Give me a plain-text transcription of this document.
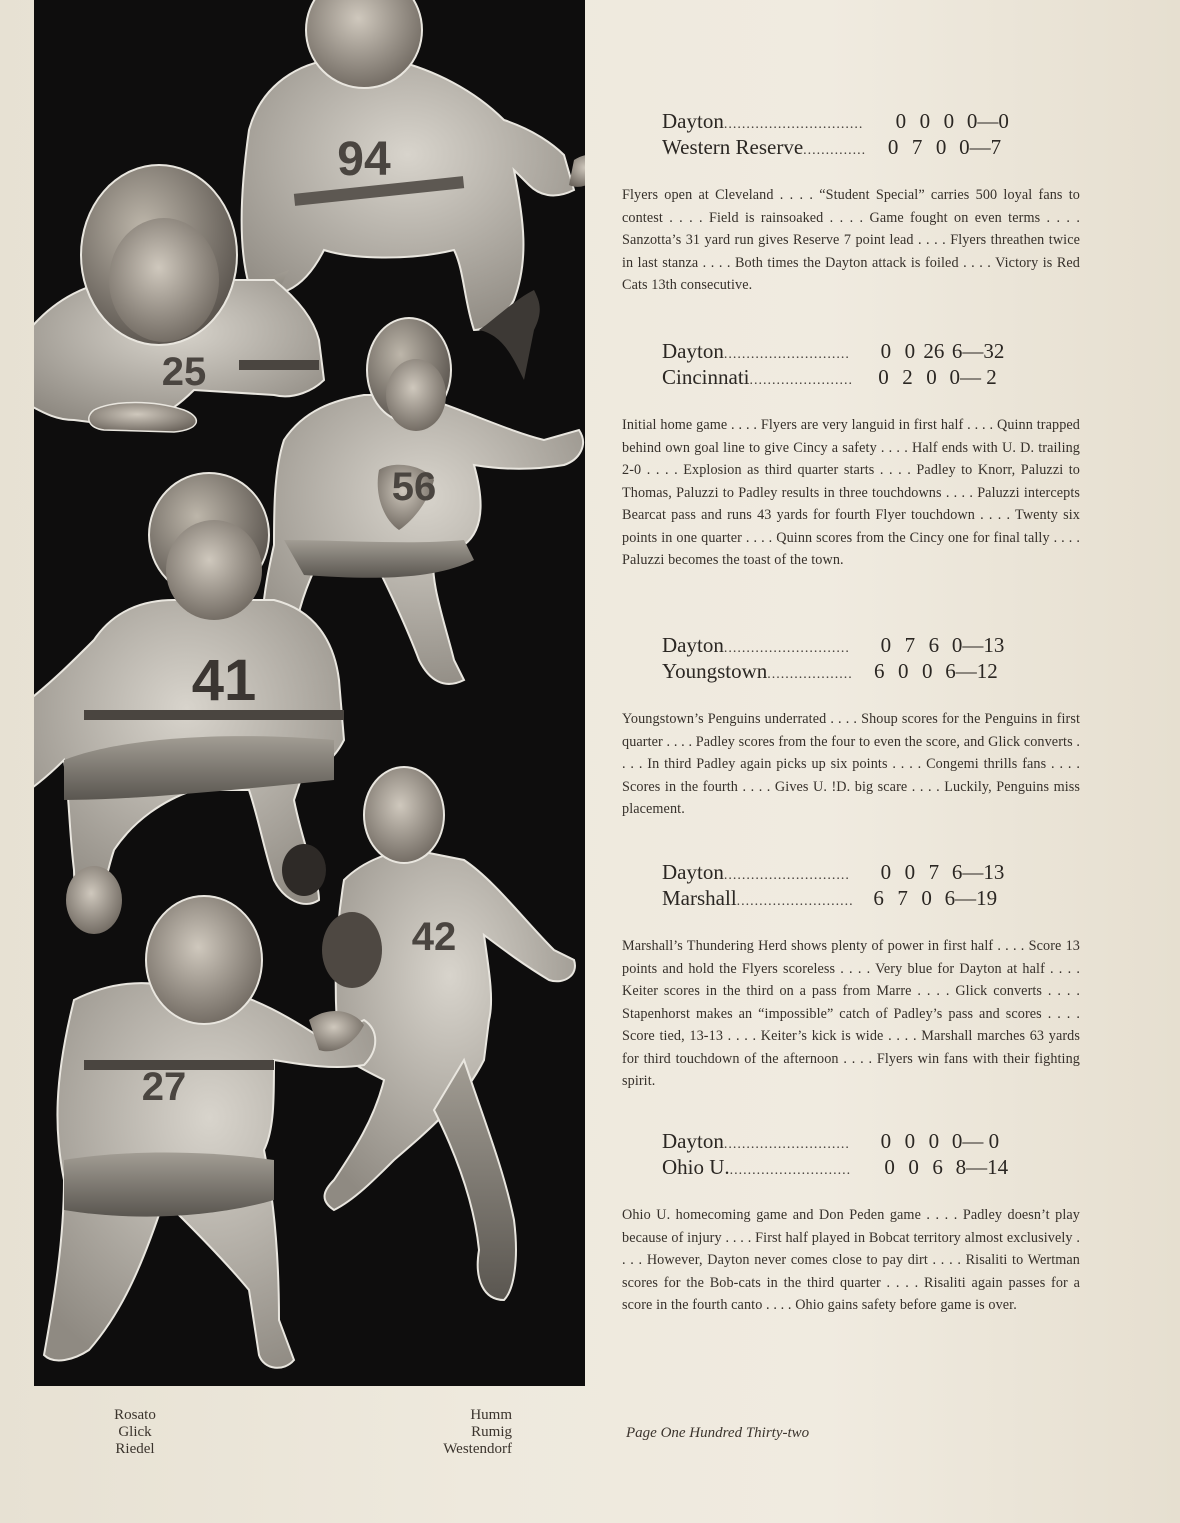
94
25
56
41
42
27
Rosato
Glick
Riedel
Humm
Rumig
Westendorf
Page One Hundred Thirty-two
Dayton ...............................	0 0 0 0—0
Western Reserve ..............	0 7 0 0—7
Flyers open at Cleveland . . . . “Student Special” carries 500 loyal fans to contest . . . . Field is rainsoaked . . . . Game fought on even terms . . . . Sanzotta’s 31 yard run gives Reserve 7 point lead . . . . Flyers threathen twice in last stanza . . . . Both times the Dayton attack is foiled . . . . Victory is Red Cats 13th consecutive.
Dayton ............................	0 0 26 6—32
Cincinnati .......................	0 2 0 0— 2
Initial home game . . . . Flyers are very languid in first half . . . . Quinn trapped behind own goal line to give Cincy a safety . . . . Half ends with U. D. trailing 2-0 . . . . Explosion as third quarter starts . . . . Padley to Knorr, Paluzzi to Thomas, Paluzzi to Padley results in three touchdowns . . . . Paluzzi intercepts Bearcat pass and runs 43 yards for fourth Flyer touchdown . . . . Twenty six points in one quarter . . . . Quinn scores from the Cincy one for final tally . . . . Paluzzi becomes the toast of the town.
Dayton ............................	0 7 6 0—13
Youngstown ...................	6 0 0 6—12
Youngstown’s Penguins underrated . . . . Shoup scores for the Penguins in first quarter . . . . Padley scores from the four to even the score, and Glick converts . . . . In third Padley again picks up six points . . . . Congemi thrills fans . . . . Scores in the fourth . . . . Gives U. !D. big scare . . . . Luckily, Penguins miss placement.
Dayton ............................	0 0 7 6—13
Marshall .......................... 6 7 0 6—19
Marshall’s Thundering Herd shows plenty of power in first half . . . . Score 13 points and hold the Flyers scoreless . . . . Very blue for Dayton at half . . . . Keiter scores in the third on a pass from Marre . . . . Glick converts . . . . Stapenhorst makes an “impossible” catch of Padley’s pass and scores . . . . Score tied, 13-13 . . . . Keiter’s kick is wide . . . . Marshall marches 63 yards for third touchdown of the afternoon . . . . Flyers win fans with their fighting spirit.
Dayton ............................	0 0 0 0— 0
Ohio U. ...........................	0 0 6 8—14
Ohio U. homecoming game and Don Peden game . . . . Padley doesn’t play because of injury . . . . First half played in Bobcat territory almost exclusively . . . . However, Dayton never comes close to pay dirt . . . . Risaliti to Wertman scores for the Bob-cats in the third quarter . . . . Risaliti again passes for a score in the fourth canto . . . . Ohio gains safety before game is over.
